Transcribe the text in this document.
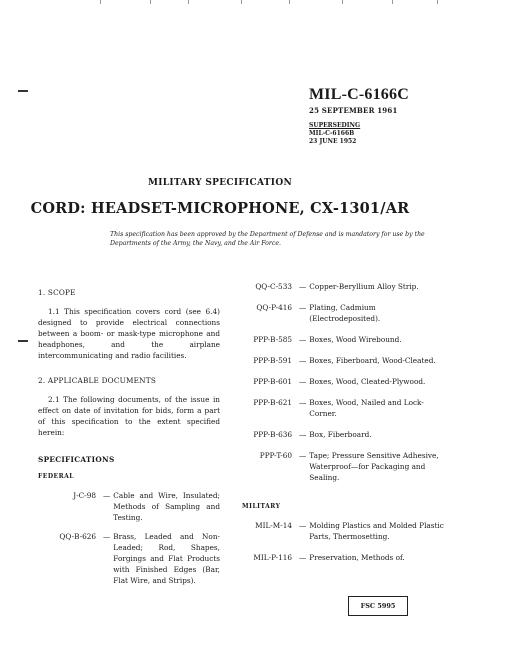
MIL-C-6166C
25 SEPTEMBER 1961
SUPERSEDING
MIL-C-6166B
23 JUNE 1952
MILITARY SPECIFICATION
CORD: HEADSET-MICROPHONE, CX-1301/AR
This specification has been approved by the Department of Defense and is mandatory for use by the Departments of the Army, the Navy, and the Air Force.
1. SCOPE

1.1 This specification covers cord (see 6.4) designed to provide electrical connections between a boom- or mask-type microphone and headphones, and the airplane intercommunicating and radio facilities.

2. APPLICABLE DOCUMENTS

2.1 The following documents, of the issue in effect on date of invitation for bids, form a part of this specification to the extent specified herein:

SPECIFICATIONS
FEDERAL
J-C-98 — Cable and Wire, Insulated; Methods of Sampling and Testing.
QQ-B-626 — Brass, Leaded and Non-Leaded; Rod, Shapes, Forgings and Flat Products with Finished Edges (Bar, Flat Wire, and Strips).
QQ-C-533 — Copper-Beryllium Alloy Strip.
QQ-P-416 — Plating, Cadmium (Electrodeposited).
PPP-B-585 — Boxes, Wood Wirebound.
PPP-B-591 — Boxes, Fiberboard, Wood-Cleated.
PPP-B-601 — Boxes, Wood, Cleated-Plywood.
PPP-B-621 — Boxes, Wood, Nailed and Lock-Corner.
PPP-B-636 — Box, Fiberboard.
PPP-T-60 — Tape; Pressure Sensitive Adhesive, Waterproof—for Packaging and Sealing.
MILITARY
MIL-M-14 — Molding Plastics and Molded Plastic Parts, Thermosetting.
MIL-P-116 — Preservation, Methods of.
FSC 5995
